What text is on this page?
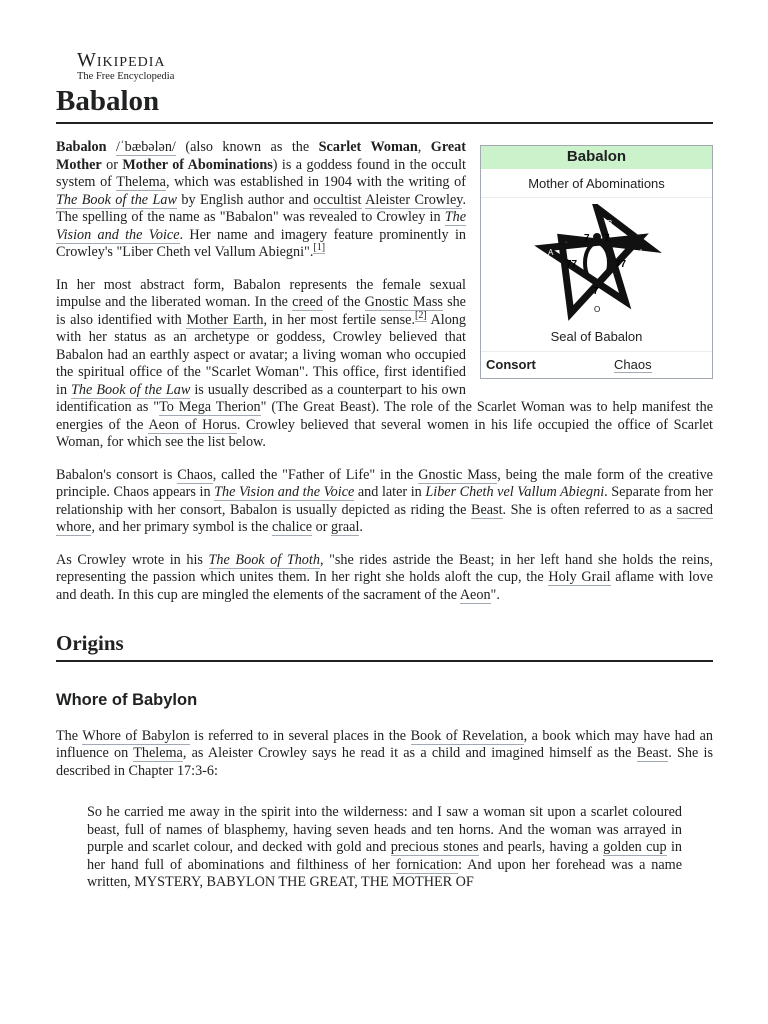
Wikipedia
The Free Encyclopedia
Babalon
Babalon
Mother of Abominations
7 7
77	77
7
A B
A	L
O
N
Seal of Babalon
Consort	Chaos

Babalon /ˈbæbələn/ (also known as the Scarlet Woman, Great Mother or Mother of Abominations) is a goddess found in the occult system of Thelema, which was established in 1904 with the writing of The Book of the Law by English author and occultist Aleister Crowley. The spelling of the name as "Babalon" was revealed to Crowley in The Vision and the Voice. Her name and imagery feature prominently in Crowley's "Liber Cheth vel Vallum Abiegni".[1]

In her most abstract form, Babalon represents the female sexual impulse and the liberated woman. In the creed of the Gnostic Mass she is also identified with Mother Earth, in her most fertile sense.[2] Along with her status as an archetype or goddess, Crowley believed that Babalon had an earthly aspect or avatar; a living woman who occupied the spiritual office of the "Scarlet Woman". This office, first identified in The Book of the Law is usually described as a counterpart to his own identification as "To Mega Therion" (The Great Beast). The role of the Scarlet Woman was to help manifest the energies of the Aeon of Horus. Crowley believed that several women in his life occupied the office of Scarlet Woman, for which see the list below.

Babalon's consort is Chaos, called the "Father of Life" in the Gnostic Mass, being the male form of the creative principle. Chaos appears in The Vision and the Voice and later in Liber Cheth vel Vallum Abiegni. Separate from her relationship with her consort, Babalon is usually depicted as riding the Beast. She is often referred to as a sacred whore, and her primary symbol is the chalice or graal.

As Crowley wrote in his The Book of Thoth, "she rides astride the Beast; in her left hand she holds the reins, representing the passion which unites them. In her right she holds aloft the cup, the Holy Grail aflame with love and death. In this cup are mingled the elements of the sacrament of the Aeon".

Origins
Whore of Babylon

The Whore of Babylon is referred to in several places in the Book of Revelation, a book which may have had an influence on Thelema, as Aleister Crowley says he read it as a child and imagined himself as the Beast. She is described in Chapter 17:3-6:

So he carried me away in the spirit into the wilderness: and I saw a woman sit upon a scarlet coloured beast, full of names of blasphemy, having seven heads and ten horns. And the woman was arrayed in purple and scarlet colour, and decked with gold and precious stones and pearls, having a golden cup in her hand full of abominations and filthiness of her fornication: And upon her forehead was a name written, MYSTERY, BABYLON THE GREAT, THE MOTHER OF
